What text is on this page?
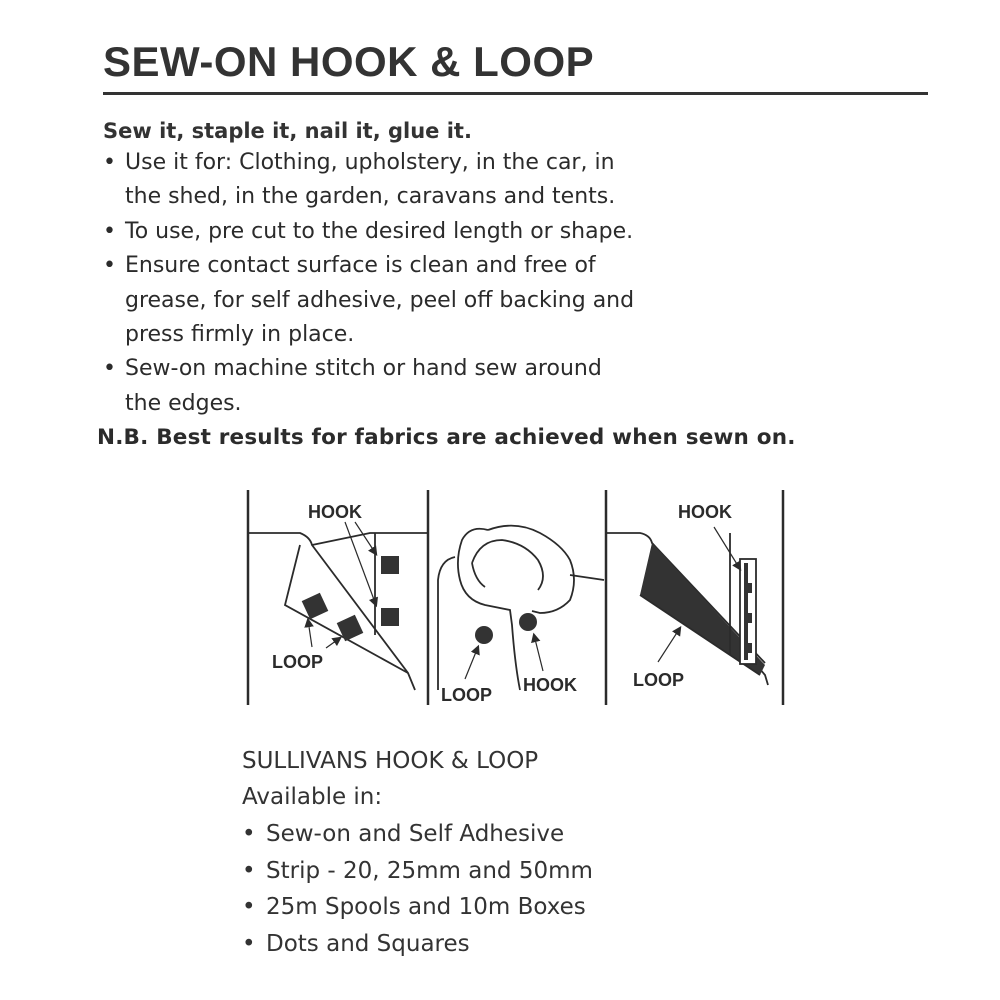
SEW-ON HOOK & LOOP

Sew it, staple it, nail it, glue it.

• Use it for: Clothing, upholstery, in the car, in
the shed, in the garden, caravans and tents.
• To use, pre cut to the desired length or shape.
• Ensure contact surface is clean and free of
grease, for self adhesive, peel off backing and
press firmly in place.
• Sew-on machine stitch or hand sew around
the edges.

N.B. Best results for fabrics are achieved when sewn on.

HOOK
LOOP
LOOP HOOK
HOOK
LOOP

SULLIVANS HOOK & LOOP

Available in:

• Sew-on and Self Adhesive
• Strip - 20, 25mm and 50mm
• 25m Spools and 10m Boxes
• Dots and Squares
